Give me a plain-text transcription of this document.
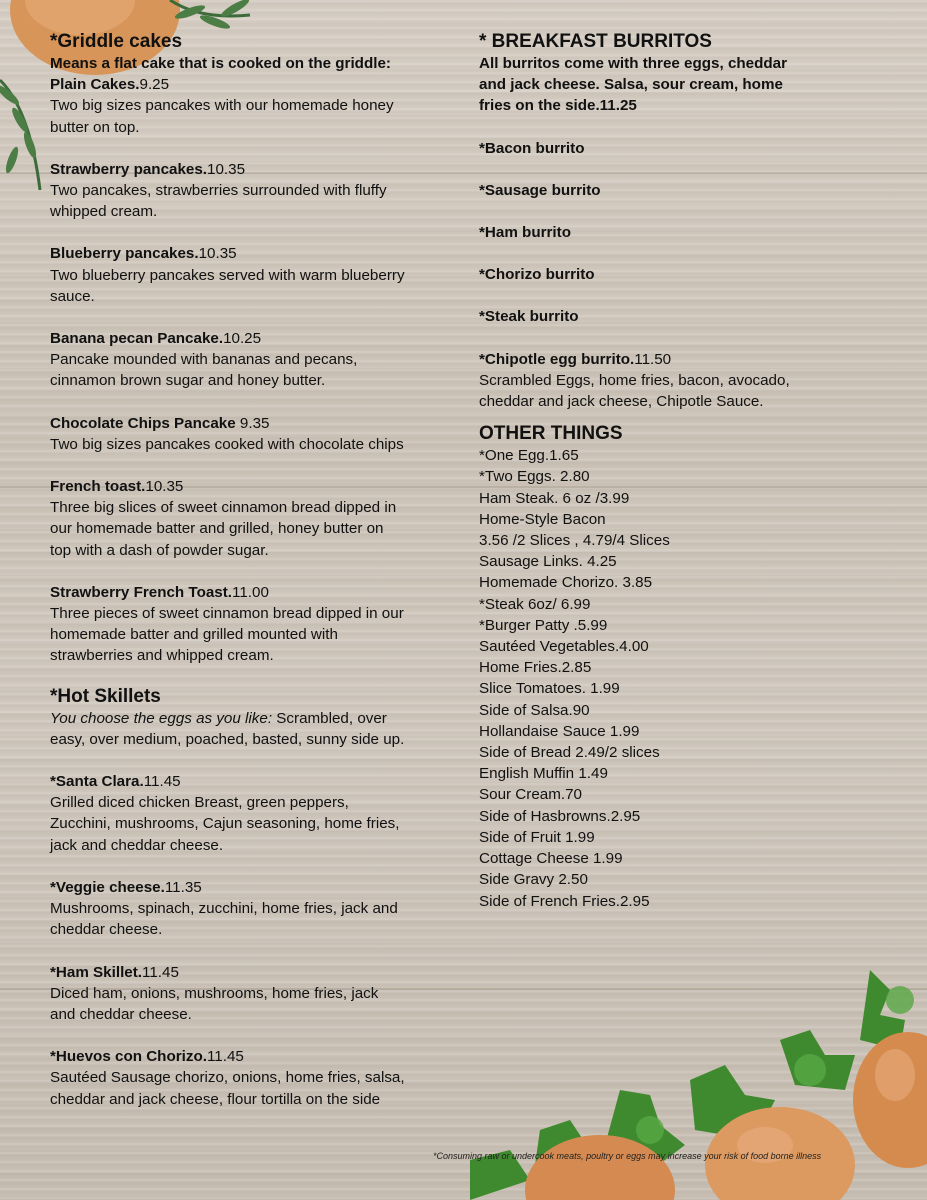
*Griddle cakes

Means a flat cake that is cooked on the griddle:

Plain Cakes.9.25

Two big sizes pancakes with our homemade honey

butter on top.

Strawberry pancakes.10.35

Two pancakes, strawberries surrounded with fluffy

whipped cream.

Blueberry pancakes.10.35

Two blueberry pancakes served with warm blueberry

sauce.

Banana pecan Pancake.10.25

Pancake mounded with bananas and pecans,

cinnamon brown sugar and honey butter.

Chocolate Chips Pancake 9.35

Two big sizes pancakes cooked with chocolate chips

French toast.10.35

Three big slices of sweet cinnamon bread dipped in

our homemade batter and grilled, honey butter on

top with a dash of powder sugar.

Strawberry French Toast.11.00

Three pieces of sweet cinnamon bread dipped in our

homemade batter and grilled mounted with

strawberries and whipped cream.

*Hot Skillets

You choose the eggs as you like: Scrambled, over

easy, over medium, poached, basted, sunny side up.

*Santa Clara.11.45

Grilled diced chicken Breast, green peppers,

Zucchini, mushrooms, Cajun seasoning, home fries,

jack and cheddar cheese.

*Veggie cheese.11.35

Mushrooms, spinach, zucchini, home fries, jack and

cheddar cheese.

*Ham Skillet.11.45

Diced ham, onions, mushrooms, home fries, jack

and cheddar cheese.

*Huevos con Chorizo.11.45

Sautéed Sausage chorizo, onions, home fries, salsa,

cheddar and jack cheese, flour tortilla on the side

* BREAKFAST BURRITOS

All burritos come with three eggs, cheddar

and jack cheese. Salsa, sour cream, home

fries on the side.11.25

*Bacon burrito

*Sausage burrito

*Ham burrito

*Chorizo burrito

*Steak burrito

*Chipotle egg burrito.11.50

Scrambled Eggs, home fries, bacon, avocado,

cheddar and jack cheese, Chipotle Sauce.

OTHER THINGS

*One Egg.1.65

*Two Eggs. 2.80

Ham Steak. 6 oz /3.99

Home-Style Bacon

3.56 /2 Slices , 4.79/4 Slices

Sausage Links. 4.25

Homemade Chorizo. 3.85

*Steak 6oz/ 6.99

*Burger Patty .5.99

Sautéed Vegetables.4.00

Home Fries.2.85

Slice Tomatoes. 1.99

Side of Salsa.90

Hollandaise Sauce 1.99

Side of Bread 2.49/2 slices

English Muffin 1.49

Sour Cream.70

Side of Hasbrowns.2.95

Side of Fruit 1.99

Cottage Cheese 1.99

Side Gravy 2.50

Side of French Fries.2.95

*Consuming raw or undercook meats, poultry or eggs may increase your risk of food borne illness
